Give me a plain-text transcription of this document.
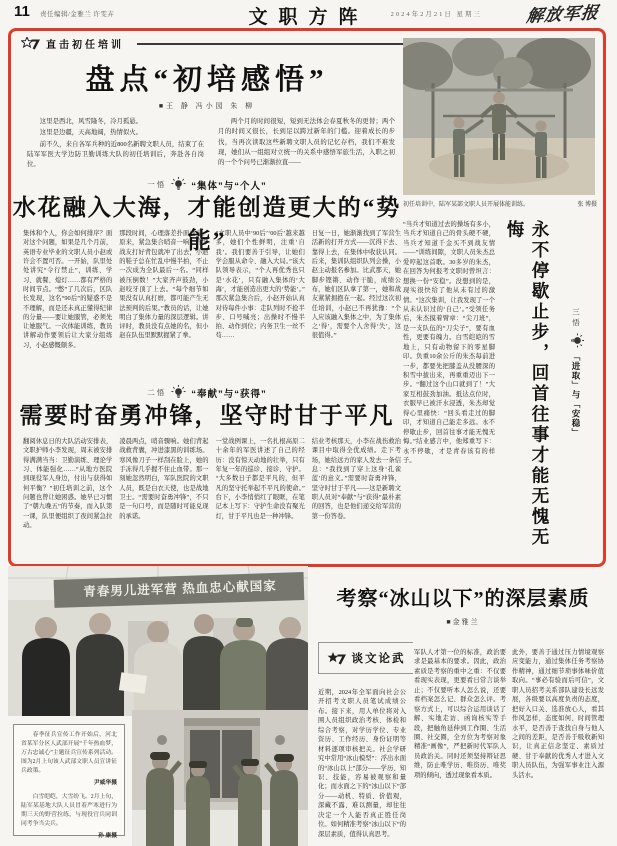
11 责任编辑/金雅兰 许雯卉	文职方阵	2024年2月21日 星期三	解放军报
直击初任培训
盘点“初培感悟”
■王 静 冯小园 朱 柳

这里是西北，风雪隆冬，冷月孤悬。

这里是边疆，天高地阔，热情似火。

前不久，来自各军兵种的近800名新聘文职人员，结束了在陆军军医大学边防卫勤训练大队的初任培训后，奔赴各自岗位。

两个月的时间很短，短到无法体会春夏秋冬的更替；两个月的时间又很长，长到足以跨过新年的门槛。迎着成长的步伐，当再次读取这些新聘文职人员的记忆存档，我们不难发现，她们从一组组对立统一的关系中感悟军旅生活，入职之初的一个个问号已渐渐拉直——

一悟	“集体”与“个人”
水花融入大海，才能创造更大的“势能”
集体和个人，你会如何排序？面对这个问题，如果是几个月前，英语专业毕业的文职人员小赵或许会不置可否。一开始，队里处处讲究“令行禁止”，训练、学习、就餐、熄灯……都有严格的时间节点。“憋”了几次后，区队长发现，这名“90后”的疑惑不是不理解，而是还未真正懂得纪律的分量——要让她服管，必须先让她服气。一次体能训练，教员讲解动作要领后让大家分组练习，小赵感慨颇多。
那段时间，心理落差扑面而来。原来，紧急集合哨音一响，许多战友打好背包就冲了出去，小赵的鞋子总在忙乱中慢半拍，不止一次成为全队最后一名。“同样被压倒数！”大家齐声鼓劲，小赵咬牙顶了上去。“每个细节如果没有认真打磨，都可能产生无法预判的后果。”教员的话，让她明白了集体力量的深层逻辑。讲评时，教员没有点她的名，但小赵在队伍里默默握紧了拳。
“文职人员中‘90后’‘00后’越来越多，她们个性鲜明，注重‘自我’。我们要善于引导，让她们学会服从命令、融入大局。”该大队领导表示，“个人再优秀也只是‘水花’，只有融入集体的‘大海’，才能创造出更大的‘势能’。”那次紧急集合后，小赵开始认真对待每件小事：走队列时不抢半步、口号喊亮；出操时不慢半拍、动作到位；内务卫生一丝不苟……
日复一日，她渐渐找到了军营生活新的打开方式——沉得下去、靠得上去，在集体中收获认同。后来，集训队组织队列会操，小赵主动报名参加。比武那天，她脚步铿锵、动作干脆，成绩公布，她们区队拿了第一，她和战友紧紧拥抱在一起。经过这次初任培训，小赵已不再犹豫：“个人应该融入集体之中，为了集体之‘得’，需要个人舍得‘失’，这很值得。”
二悟	“奉献”与“获得”
需要时奋勇冲锋，坚守时甘于平凡
翻阅休息日的大队活动安排表，文职护师小李发现，周末被安排得满满当当：卫勤演练、理论学习、体能强化……“从地方医院到现役军人身边，付出与获得如何平衡？”初任培训之前，这个问题也曾让她困惑。她早已习惯了“朝九晚五”的节奏，而入队第一课，队里便组织了夜间紧急拉动。
凌晨两点，哨音骤响。她们背起战救背囊，冲进漆黑的训练场。寒风像刀子一样刮在脸上，她的手冻得几乎握不住止血带。那一刻她忽然明白，军队医院的文职人员，既是白衣天使，也是战地卫士。“需要时奋勇冲锋”，不只是一句口号，而是随时可能兑现的承诺。
一堂战例课上，一名扎根高原二十余年的军医讲述了自己的经历：没有惊天动地的壮举，只有年复一年的巡诊、接诊、守护。“大多数日子都是平凡的，但平凡的坚守托举起不平凡的使命。”台下，小李悄悄红了眼眶，在笔记本上写下：守护生命没有聚光灯，甘于平凡也是一种冲锋。
结业考核那天，小李在战伤救治课目中取得全优成绩。走下考场，她给远方的家人发去一条信息：“我找到了穿上这身‘孔雀蓝’的意义。”需要时奋勇冲锋，坚守时甘于平凡——这是新聘文职人员对“奉献”与“获得”最朴素的回答，也是他们递交给军营的第一份答卷。
初任培训中，陆军某部文职人员开展体能训练。	张 博摄
“当兵才知道过去的操场有多小，当兵才知道自己的骨头硬不硬，当兵才知道千金买不到战友情——”训练间隙，文职人员朱杰总爱哼起这首歌。30多岁的朱杰，在回答为何报考文职时曾坦言：想换一份“安稳”。没想到的是，现实很快给了他从未有过的激情。“这次集训，让我发现了一个从未认识过的‘自己’。”受领任务后，朱杰摸着臂章：“尖刀班”，是一支队伍的“刀尖子”，要有血性，更要有魄力。白雪皑皑的雪地上，只有动物留下的零星脚印。负重10余公斤的朱杰每前进一步，都要先把膝盖从没腰深的积雪中拔出来，再重重迈出下一步。“翻过这个山口就到了！”大家互相鼓劲加油。抵达点位时，衣服早已被汗水浸透，朱杰却觉得心里痛快：“回头看走过的脚印，才知道自己能走多远。永不停歇止步，回首往事才能无愧无悔。”结业感言中，他郑重写下：永不停歇，才是青春该有的样子。	永不停歇止步，回首往事才能无愧无悔
三悟
「进取」与「安稳」
青春男儿进军营 热血忠心献国家

春季征兵宣传工作开始后，河北省某军分区人武部开展“千年热血梦，万古忠诚心”主题征兵宣传系列活动。图为2月上旬该人武部文职人员宣讲征兵政策。

尹威华摄

白雪皑皑，大雪纷飞。2月上旬，陆军某基地大队人员冒着严寒进行为期三天的野营拉练，与现役官兵同训同考争当尖兵。

孙 康摄

考察“冰山以下”的深层素质
■金雅兰
谈文论武
近期，2024年全军面向社会公开招考文职人员笔试成绩公布。接下来，用人单位将对入围人员组织政治考核、体检和综合考察，对学历学位、专业资历、工作经历、身份证明等材料逐项审核把关。社会学研究中常用“冰山模型”：浮出水面的“冰山以上”部分——学历、知识、技能，容易被观察和量化；而水面之下的“冰山以下”部分——动机、特质、价值观，深藏不露、难以测量，却往往决定一个人能否真正胜任岗位。如何精准考察“冰山以下”的深层素质，值得认真思考。
军队人才第一位的标准，政治要求是最基本的要求。因此，政治素质是考察的重中之重：不仅要看现实表现，更要看日常言谈举止；不仅要听本人怎么说，还要看档案怎么记、群众怎么评。考察方式上，可以综合运用谈话了解、实地走访、函询核实等手段，把触角延伸到工作圈、生活圈、社交圈，全方位为考察对象精准“画像”，严把新时代军队人员政治关。同时还须坚持辩证思维，防止唯学历、唯资历、唯奖项的倾向，透过现象看本质。
此外，要善于通过压力情境观察应变能力，通过集体任务考察协作精神，通过细节琐事体味价值取向。“事必有验而后可信”，文职人员招考关系部队建设长远发展，各级要以高度负责的态度，把好入口关、选准放心人，看其作风怎样、态度如何、时间管理水平，是否善于查找自身与他人之间的差距，是否善于吸收新知识，让真正信念坚定、素质过硬、甘于奉献的优秀人才进入文职人员队伍，为强军事业注入源头活水。
